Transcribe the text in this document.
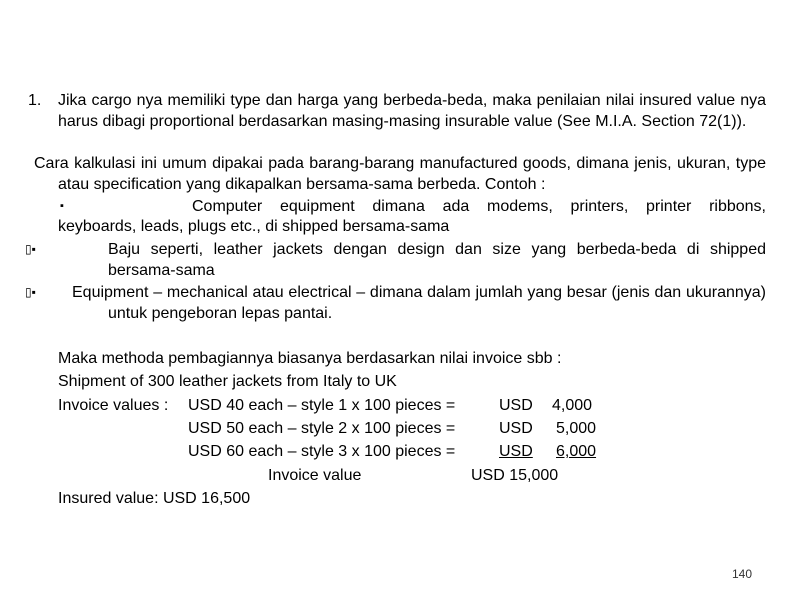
1. Jika cargo nya memiliki type dan harga yang berbeda-beda, maka penilaian nilai insured value nya harus dibagi proportional berdasarkan masing-masing insurable value (See M.I.A. Section 72(1)).
Cara kalkulasi ini umum dipakai pada barang-barang manufactured goods, dimana jenis, ukuran, type atau specification yang dikapalkan bersama-sama berbeda. Contoh :
▪	Computer equipment dimana ada modems, printers, printer ribbons,
keyboards, leads, plugs etc., di shipped bersama-sama
▯▪	Baju seperti, leather jackets dengan design dan size yang berbeda-beda di shipped bersama-sama
▯▪ Equipment – mechanical atau electrical – dimana dalam jumlah yang besar (jenis dan ukurannya) untuk pengeboran lepas pantai.
Maka methoda pembagiannya biasanya berdasarkan nilai invoice sbb :
Shipment of 300 leather jackets from Italy to UK
Invoice values : USD 40 each – style 1 x 100 pieces =	USD 4,000
USD 50 each – style 2 x 100 pieces =	USD 5,000
USD 60 each – style 3 x 100 pieces =	USD	6,000
Invoice value	USD 15,000
Insured value: USD 16,500
140
